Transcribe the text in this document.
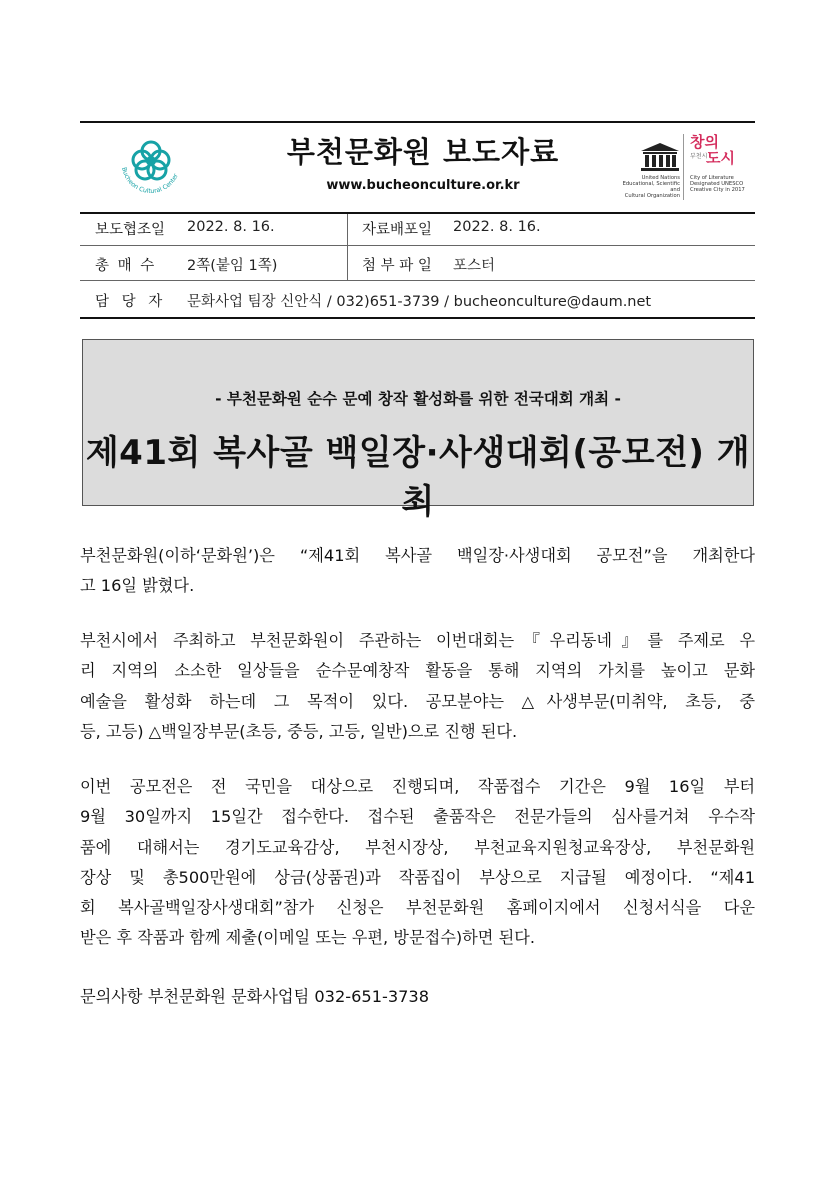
Bucheon Cultural Center
부천문화원 보도자료
www.bucheonculture.or.kr	United Nations
Educational, Scientific and
Cultural Organization
창의
부천시
도시
City of Literature
Designated UNESCO
Creative City in 2017
보도협조일 2022. 8. 16.	자료배포일 2022. 8. 16.
총 매 수 2쪽(붙임 1쪽)	첨 부 파 일 포스터
담 당 자 문화사업 팀장 신안식 / 032)651-3739 / bucheonculture@daum.net
- 부천문화원 순수 문예 창작 활성화를 위한 전국대회 개최 -
제41회 복사골 백일장·사생대회(공모전) 개최
부천문화원(이하‘문화원’)은 “제41회 복사골 백일장·사생대회 공모전”을 개최한다
고 16일 밝혔다.
부천시에서 주최하고 부천문화원이 주관하는 이번대회는『우리동네』를 주제로 우
리 지역의 소소한 일상들을 순수문예창작 활동을 통해 지역의 가치를 높이고 문화
예술을 활성화 하는데 그 목적이 있다. 공모분야는 △사생부문(미취약, 초등, 중
등, 고등) △백일장부문(초등, 중등, 고등, 일반)으로 진행 된다.
이번 공모전은 전 국민을 대상으로 진행되며, 작품접수 기간은 9월 16일 부터
9월 30일까지 15일간 접수한다. 접수된 출품작은 전문가들의 심사를거쳐 우수작
품에 대해서는 경기도교육감상, 부천시장상, 부천교육지원청교육장상, 부천문화원
장상 및 총500만원에 상금(상품권)과 작품집이 부상으로 지급될 예정이다. “제41
회 복사골백일장사생대회”참가 신청은 부천문화원 홈페이지에서 신청서식을 다운
받은 후 작품과 함께 제출(이메일 또는 우편, 방문접수)하면 된다.
문의사항 부천문화원 문화사업팀 032-651-3738
